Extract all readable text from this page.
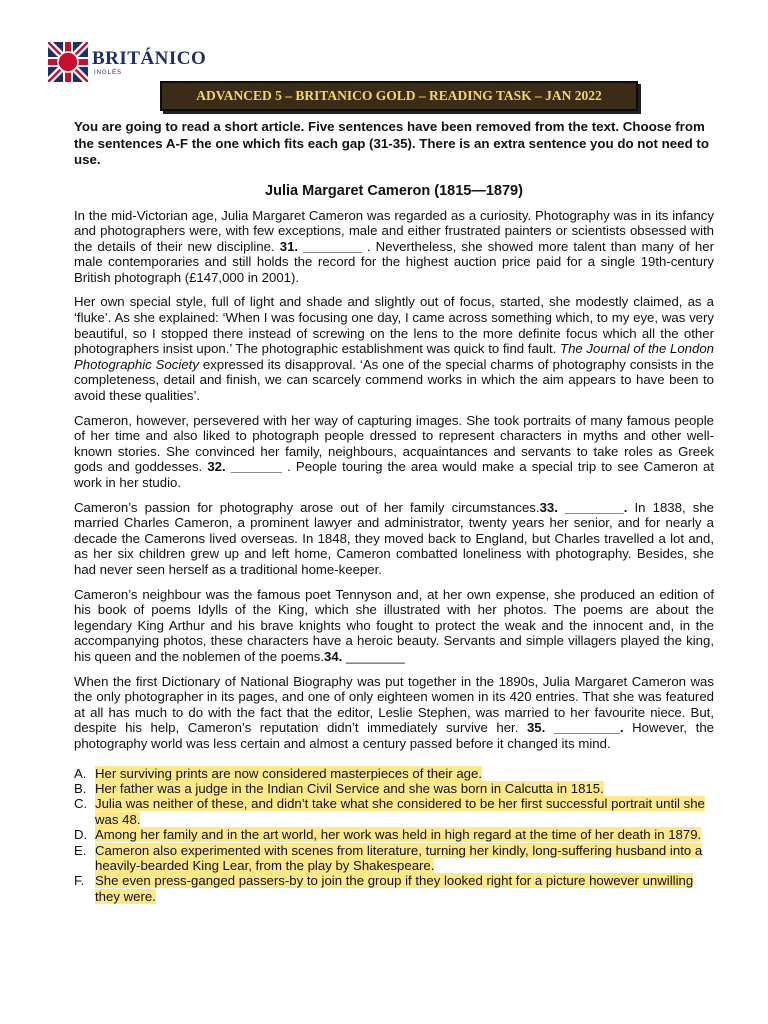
BRITÁNICO
INGLÉS
ADVANCED 5 – BRITANICO GOLD – READING TASK – JAN 2022

You are going to read a short article. Five sentences have been removed from the text. Choose from the sentences A-F the one which fits each gap (31-35). There is an extra sentence you do not need to use.

Julia Margaret Cameron (1815—1879)

In the mid-Victorian age, Julia Margaret Cameron was regarded as a curiosity. Photography was in its infancy and photographers were, with few exceptions, male and either frustrated painters or scientists obsessed with the details of their new discipline. 31. ________ . Nevertheless, she showed more talent than many of her male contemporaries and still holds the record for the highest auction price paid for a single 19th-century British photograph (£147,000 in 2001).

Her own special style, full of light and shade and slightly out of focus, started, she modestly claimed, as a ‘fluke’. As she explained: ‘When I was focusing one day, I came across something which, to my eye, was very beautiful, so I stopped there instead of screwing on the lens to the more definite focus which all the other photographers insist upon.’ The photographic establishment was quick to find fault. The Journal of the London Photographic Society expressed its disapproval. ‘As one of the special charms of photography consists in the completeness, detail and finish, we can scarcely commend works in which the aim appears to have been to avoid these qualities’.

Cameron, however, persevered with her way of capturing images. She took portraits of many famous people of her time and also liked to photograph people dressed to represent characters in myths and other well-known stories. She convinced her family, neighbours, acquaintances and servants to take roles as Greek gods and goddesses. 32. _______ . People touring the area would make a special trip to see Cameron at work in her studio.

Cameron’s passion for photography arose out of her family circumstances.33. ________. In 1838, she married Charles Cameron, a prominent lawyer and administrator, twenty years her senior, and for nearly a decade the Camerons lived overseas. In 1848, they moved back to England, but Charles travelled a lot and, as her six children grew up and left home, Cameron combatted loneliness with photography. Besides, she had never seen herself as a traditional home-keeper.

Cameron’s neighbour was the famous poet Tennyson and, at her own expense, she produced an edition of his book of poems Idylls of the King, which she illustrated with her photos. The poems are about the legendary King Arthur and his brave knights who fought to protect the weak and the innocent and, in the accompanying photos, these characters have a heroic beauty. Servants and simple villagers played the king, his queen and the noblemen of the poems.34. ________

When the first Dictionary of National Biography was put together in the 1890s, Julia Margaret Cameron was the only photographer in its pages, and one of only eighteen women in its 420 entries. That she was featured at all has much to do with the fact that the editor, Leslie Stephen, was married to her favourite niece. But, despite his help, Cameron’s reputation didn’t immediately survive her. 35. _________. However, the photography world was less certain and almost a century passed before it changed its mind.

A. Her surviving prints are now considered masterpieces of their age.
B. Her father was a judge in the Indian Civil Service and she was born in Calcutta in 1815.
C. Julia was neither of these, and didn’t take what she considered to be her first successful portrait until she was 48.
D. Among her family and in the art world, her work was held in high regard at the time of her death in 1879.
E. Cameron also experimented with scenes from literature, turning her kindly, long-suffering husband into a heavily-bearded King Lear, from the play by Shakespeare.
F. She even press-ganged passers-by to join the group if they looked right for a picture however unwilling they were.
